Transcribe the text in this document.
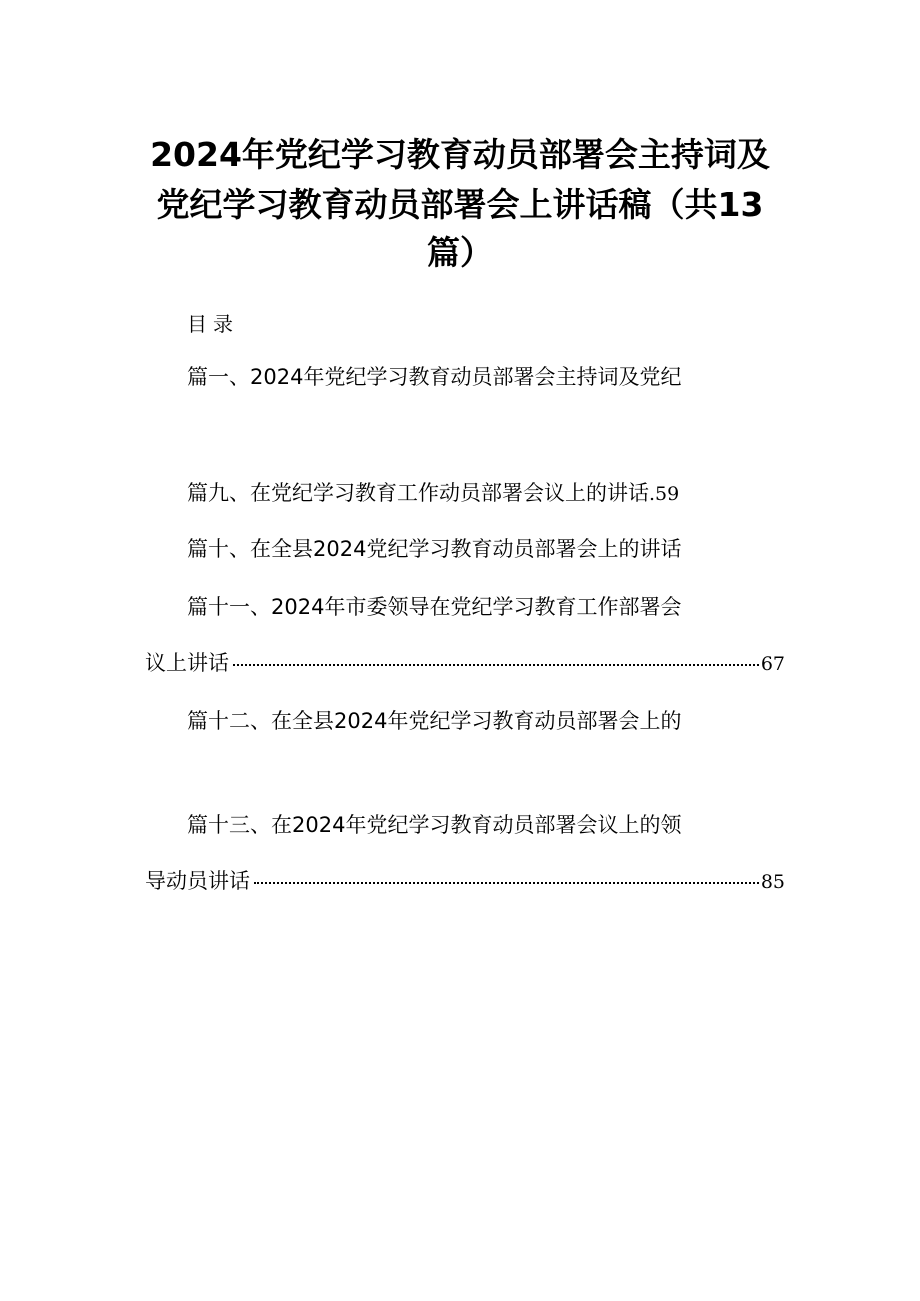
2024年党纪学习教育动员部署会主持词及
党纪学习教育动员部署会上讲话稿（共13
篇）
目录
篇一、2024年党纪学习教育动员部署会主持词及党纪
篇九、在党纪学习教育工作动员部署会议上的讲话.59
篇十、在全县2024党纪学习教育动员部署会上的讲话
篇十一、2024年市委领导在党纪学习教育工作部署会
议上讲话	67
篇十二、在全县2024年党纪学习教育动员部署会上的
篇十三、在2024年党纪学习教育动员部署会议上的领
导动员讲话	85
